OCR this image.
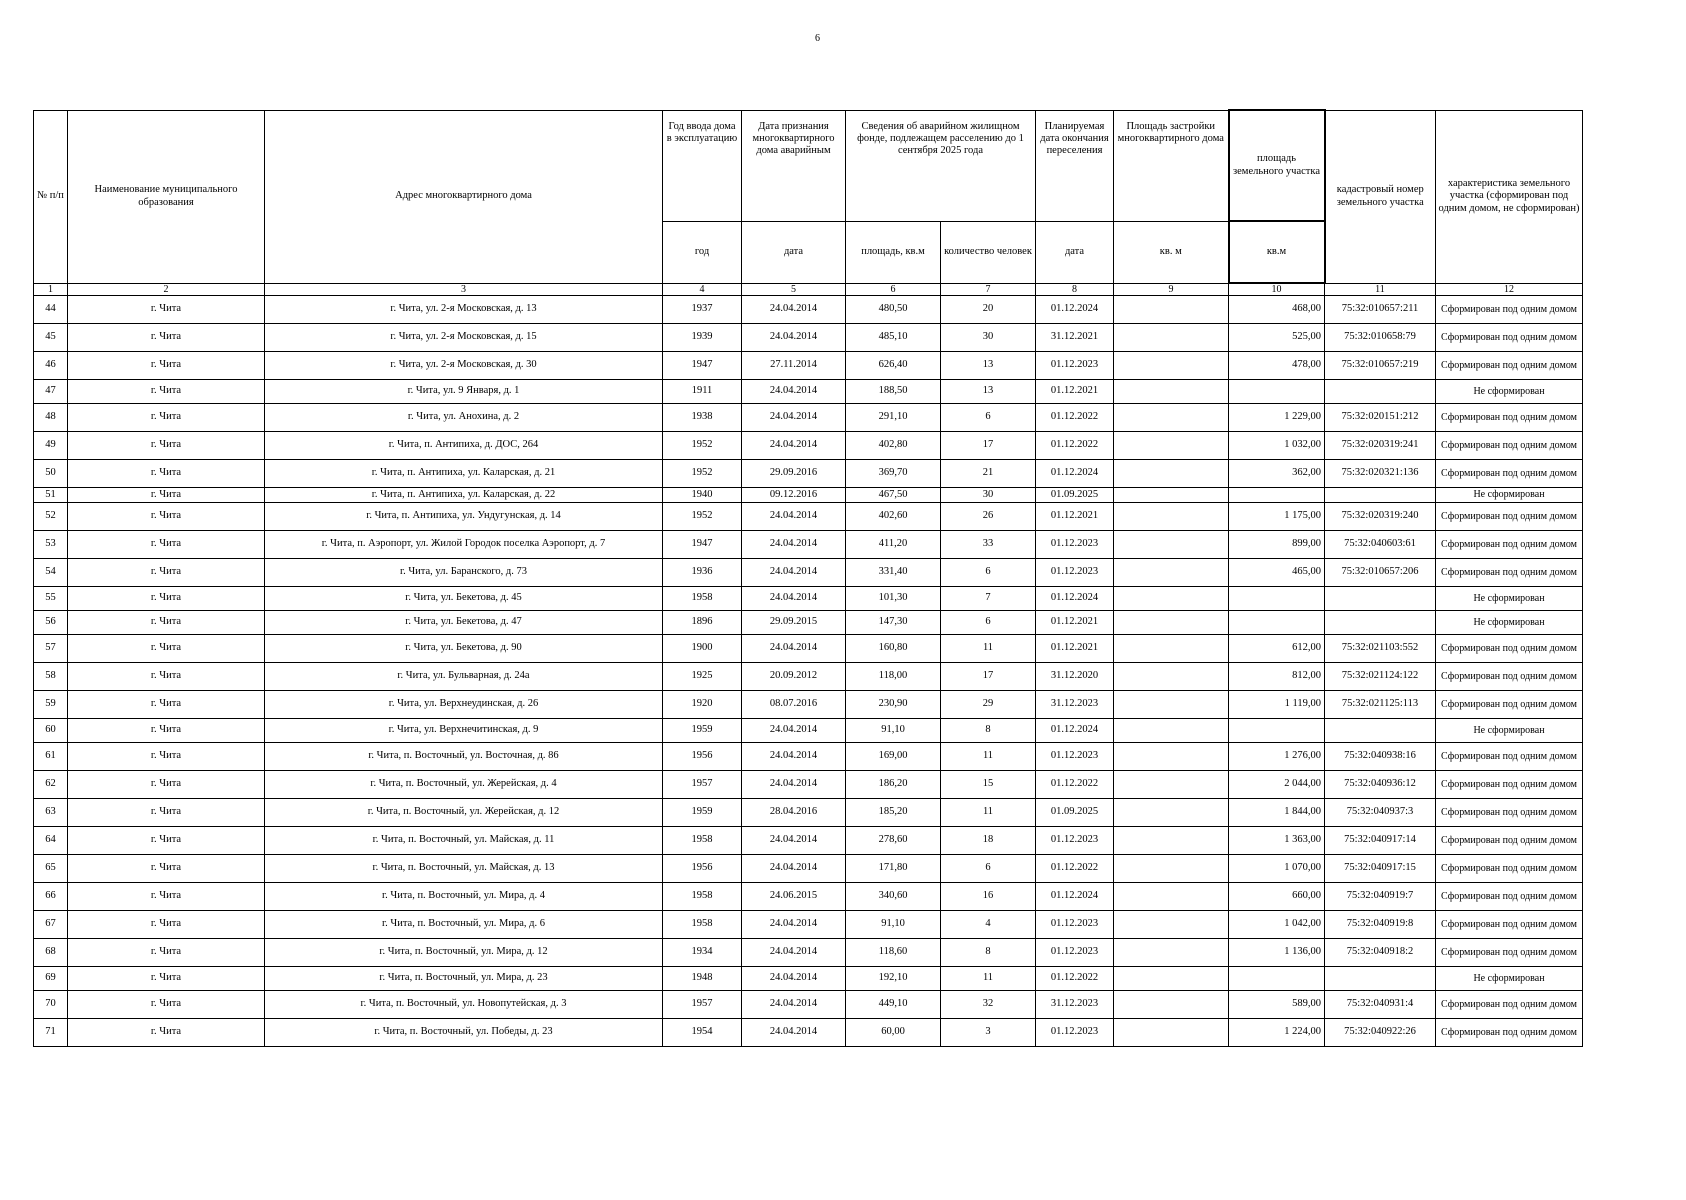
6
№ п/п	Наименование муниципального образования	Адрес многоквартирного дома	Год ввода дома в эксплуатацию	Дата признания многоквартирного дома аварийным	Сведения об аварийном жилищном фонде, подлежащем расселению до 1 сентября 2025 года		Планируемая дата окончания переселения	Площадь застройки многоквартирного дома	площадь земельного участка	кадастровый номер земельного участка	характеристика земельного участка (сформирован под одним домом, не сформирован)
			год	дата	площадь, кв.м	количество человек	дата	кв. м	кв.м		
1	2	3	4	5	6	7	8	9	10	11	12
44	г. Чита	г. Чита, ул. 2-я Московская, д. 13	1937	24.04.2014	480,50	20	01.12.2024		468,00	75:32:010657:211	Сформирован под одним домом
45	г. Чита	г. Чита, ул. 2-я Московская, д. 15	1939	24.04.2014	485,10	30	31.12.2021		525,00	75:32:010658:79	Сформирован под одним домом
46	г. Чита	г. Чита, ул. 2-я Московская, д. 30	1947	27.11.2014	626,40	13	01.12.2023		478,00	75:32:010657:219	Сформирован под одним домом
47	г. Чита	г. Чита, ул. 9 Января, д. 1	1911	24.04.2014	188,50	13	01.12.2021				Не сформирован
48	г. Чита	г. Чита, ул. Анохина, д. 2	1938	24.04.2014	291,10	6	01.12.2022		1 229,00	75:32:020151:212	Сформирован под одним домом
49	г. Чита	г. Чита, п. Антипиха, д. ДОС, 264	1952	24.04.2014	402,80	17	01.12.2022		1 032,00	75:32:020319:241	Сформирован под одним домом
50	г. Чита	г. Чита, п. Антипиха, ул. Каларская, д. 21	1952	29.09.2016	369,70	21	01.12.2024		362,00	75:32:020321:136	Сформирован под одним домом
51	г. Чита	г. Чита, п. Антипиха, ул. Каларская, д. 22	1940	09.12.2016	467,50	30	01.09.2025				Не сформирован
52	г. Чита	г. Чита, п. Антипиха, ул. Ундугунская, д. 14	1952	24.04.2014	402,60	26	01.12.2021		1 175,00	75:32:020319:240	Сформирован под одним домом
53	г. Чита	г. Чита, п. Аэропорт, ул. Жилой Городок поселка Аэропорт, д. 7	1947	24.04.2014	411,20	33	01.12.2023		899,00	75:32:040603:61	Сформирован под одним домом
54	г. Чита	г. Чита, ул. Баранского, д. 73	1936	24.04.2014	331,40	6	01.12.2023		465,00	75:32:010657:206	Сформирован под одним домом
55	г. Чита	г. Чита, ул. Бекетова, д. 45	1958	24.04.2014	101,30	7	01.12.2024				Не сформирован
56	г. Чита	г. Чита, ул. Бекетова, д. 47	1896	29.09.2015	147,30	6	01.12.2021				Не сформирован
57	г. Чита	г. Чита, ул. Бекетова, д. 90	1900	24.04.2014	160,80	11	01.12.2021		612,00	75:32:021103:552	Сформирован под одним домом
58	г. Чита	г. Чита, ул. Бульварная, д. 24а	1925	20.09.2012	118,00	17	31.12.2020		812,00	75:32:021124:122	Сформирован под одним домом
59	г. Чита	г. Чита, ул. Верхнеудинская, д. 26	1920	08.07.2016	230,90	29	31.12.2023		1 119,00	75:32:021125:113	Сформирован под одним домом
60	г. Чита	г. Чита, ул. Верхнечитинская, д. 9	1959	24.04.2014	91,10	8	01.12.2024				Не сформирован
61	г. Чита	г. Чита, п. Восточный, ул. Восточная, д. 86	1956	24.04.2014	169,00	11	01.12.2023		1 276,00	75:32:040938:16	Сформирован под одним домом
62	г. Чита	г. Чита, п. Восточный, ул. Жерейская, д. 4	1957	24.04.2014	186,20	15	01.12.2022		2 044,00	75:32:040936:12	Сформирован под одним домом
63	г. Чита	г. Чита, п. Восточный, ул. Жерейская, д. 12	1959	28.04.2016	185,20	11	01.09.2025		1 844,00	75:32:040937:3	Сформирован под одним домом
64	г. Чита	г. Чита, п. Восточный, ул. Майская, д. 11	1958	24.04.2014	278,60	18	01.12.2023		1 363,00	75:32:040917:14	Сформирован под одним домом
65	г. Чита	г. Чита, п. Восточный, ул. Майская, д. 13	1956	24.04.2014	171,80	6	01.12.2022		1 070,00	75:32:040917:15	Сформирован под одним домом
66	г. Чита	г. Чита, п. Восточный, ул. Мира, д. 4	1958	24.06.2015	340,60	16	01.12.2024		660,00	75:32:040919:7	Сформирован под одним домом
67	г. Чита	г. Чита, п. Восточный, ул. Мира, д. 6	1958	24.04.2014	91,10	4	01.12.2023		1 042,00	75:32:040919:8	Сформирован под одним домом
68	г. Чита	г. Чита, п. Восточный, ул. Мира, д. 12	1934	24.04.2014	118,60	8	01.12.2023		1 136,00	75:32:040918:2	Сформирован под одним домом
69	г. Чита	г. Чита, п. Восточный, ул. Мира, д. 23	1948	24.04.2014	192,10	11	01.12.2022				Не сформирован
70	г. Чита	г. Чита, п. Восточный, ул. Новопутейская, д. 3	1957	24.04.2014	449,10	32	31.12.2023		589,00	75:32:040931:4	Сформирован под одним домом
71	г. Чита	г. Чита, п. Восточный, ул. Победы, д. 23	1954	24.04.2014	60,00	3	01.12.2023		1 224,00	75:32:040922:26	Сформирован под одним домом
